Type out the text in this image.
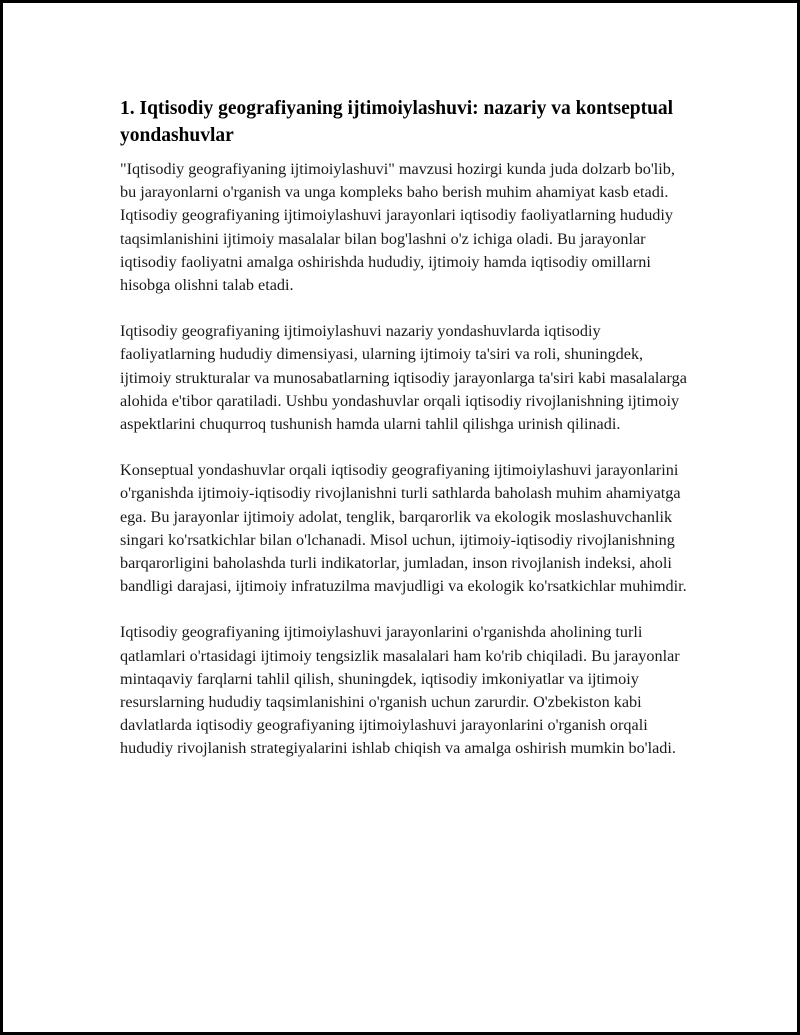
1. Iqtisodiy geografiyaning ijtimoiylashuvi: nazariy va kontseptual yondashuvlar

"Iqtisodiy geografiyaning ijtimoiylashuvi" mavzusi hozirgi kunda juda dolzarb bo'lib, bu jarayonlarni o'rganish va unga kompleks baho berish muhim ahamiyat kasb etadi. Iqtisodiy geografiyaning ijtimoiylashuvi jarayonlari iqtisodiy faoliyatlarning hududiy taqsimlanishini ijtimoiy masalalar bilan bog'lashni o'z ichiga oladi. Bu jarayonlar iqtisodiy faoliyatni amalga oshirishda hududiy, ijtimoiy hamda iqtisodiy omillarni hisobga olishni talab etadi.

Iqtisodiy geografiyaning ijtimoiylashuvi nazariy yondashuvlarda iqtisodiy faoliyatlarning hududiy dimensiyasi, ularning ijtimoiy ta'siri va roli, shuningdek, ijtimoiy strukturalar va munosabatlarning iqtisodiy jarayonlarga ta'siri kabi masalalarga alohida e'tibor qaratiladi. Ushbu yondashuvlar orqali iqtisodiy rivojlanishning ijtimoiy aspektlarini chuqurroq tushunish hamda ularni tahlil qilishga urinish qilinadi.

Konseptual yondashuvlar orqali iqtisodiy geografiyaning ijtimoiylashuvi jarayonlarini o'rganishda ijtimoiy-iqtisodiy rivojlanishni turli sathlarda baholash muhim ahamiyatga ega. Bu jarayonlar ijtimoiy adolat, tenglik, barqarorlik va ekologik moslashuvchanlik singari ko'rsatkichlar bilan o'lchanadi. Misol uchun, ijtimoiy-iqtisodiy rivojlanishning barqarorligini baholashda turli indikatorlar, jumladan, inson rivojlanish indeksi, aholi bandligi darajasi, ijtimoiy infratuzilma mavjudligi va ekologik ko'rsatkichlar muhimdir.

Iqtisodiy geografiyaning ijtimoiylashuvi jarayonlarini o'rganishda aholining turli qatlamlari o'rtasidagi ijtimoiy tengsizlik masalalari ham ko'rib chiqiladi. Bu jarayonlar mintaqaviy farqlarni tahlil qilish, shuningdek, iqtisodiy imkoniyatlar va ijtimoiy resurslarning hududiy taqsimlanishini o'rganish uchun zarurdir. O'zbekiston kabi davlatlarda iqtisodiy geografiyaning ijtimoiylashuvi jarayonlarini o'rganish orqali hududiy rivojlanish strategiyalarini ishlab chiqish va amalga oshirish mumkin bo'ladi.
